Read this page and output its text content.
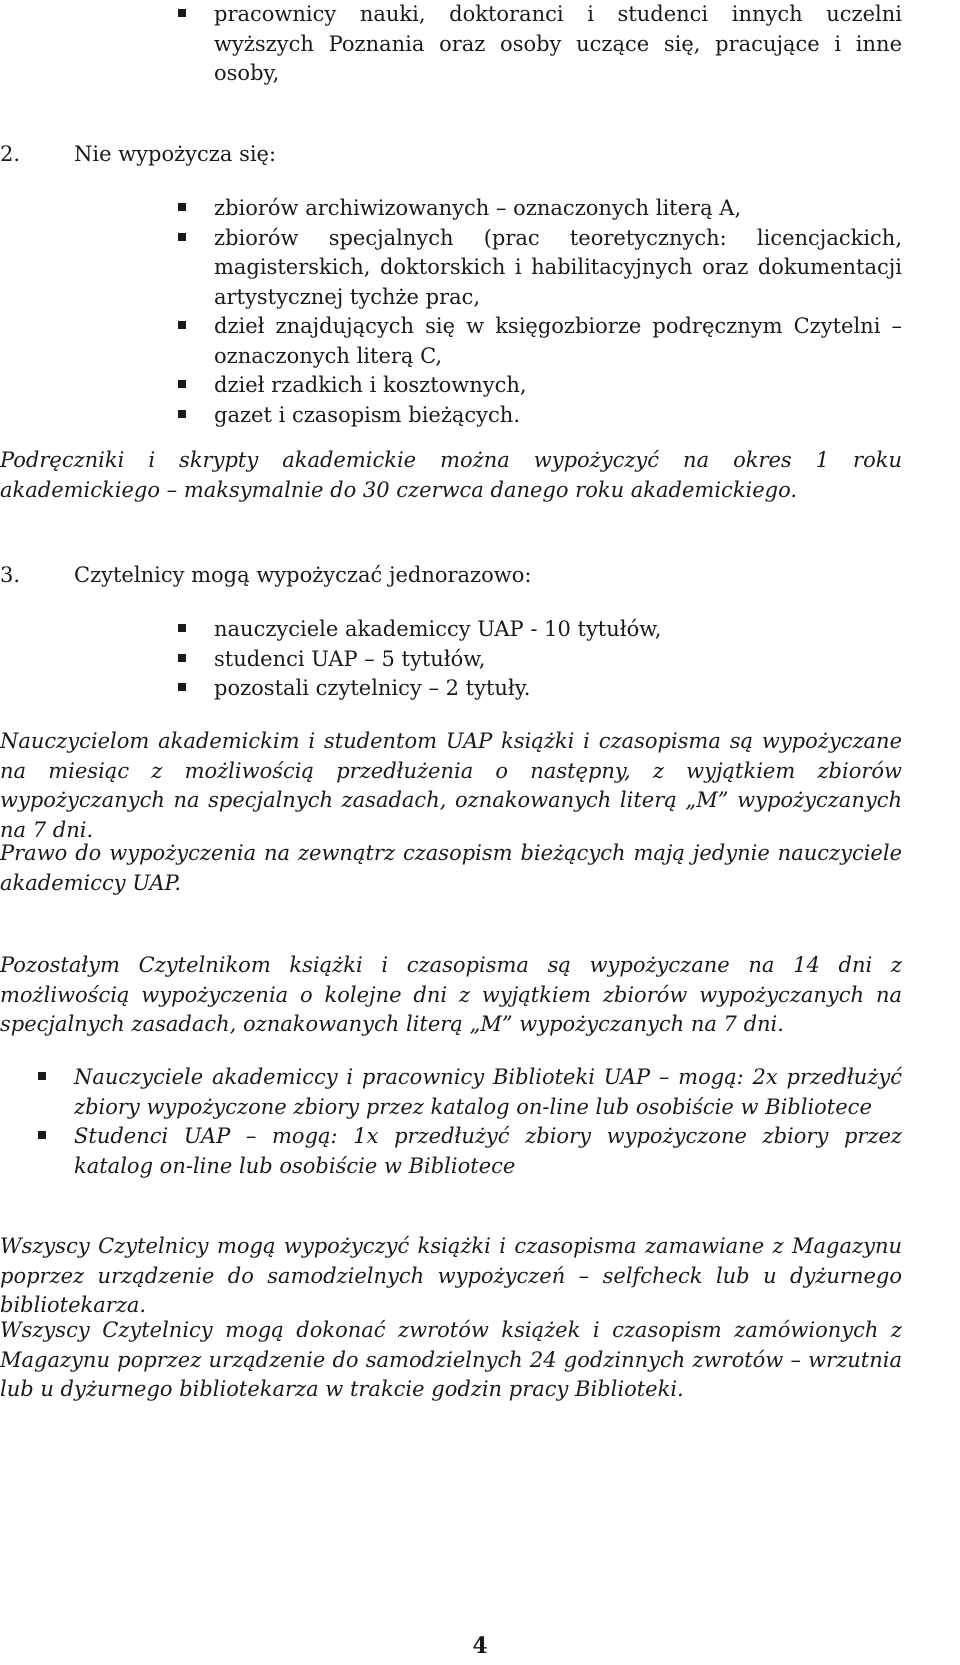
pracownicy nauki, doktoranci i studenci innych uczelni wyższych Poznania oraz osoby uczące się, pracujące i inne osoby,
2.	Nie wypożycza się:
zbiorów archiwizowanych – oznaczonych literą A,
zbiorów specjalnych (prac teoretycznych: licencjackich, magisterskich, doktorskich i habilitacyjnych oraz dokumentacji artystycznej tychże prac,
dzieł znajdujących się w księgozbiorze podręcznym Czytelni – oznaczonych literą C,
dzieł rzadkich i kosztownych,
gazet i czasopism bieżących.

Podręczniki i skrypty akademickie można wypożyczyć na okres 1 roku akademickiego – maksymalnie do 30 czerwca danego roku akademickiego.

3.	Czytelnicy mogą wypożyczać jednorazowo:
nauczyciele akademiccy UAP - 10 tytułów,
studenci UAP – 5 tytułów,
pozostali czytelnicy – 2 tytuły.

Nauczycielom akademickim i studentom UAP książki i czasopisma są wypożyczane na miesiąc z możliwością przedłużenia o następny, z wyjątkiem zbiorów wypożyczanych na specjalnych zasadach, oznakowanych literą „M” wypożyczanych na 7 dni.

Prawo do wypożyczenia na zewnątrz czasopism bieżących mają jedynie nauczyciele akademiccy UAP.

Pozostałym Czytelnikom książki i czasopisma są wypożyczane na 14 dni z możliwością wypożyczenia o kolejne dni z wyjątkiem zbiorów wypożyczanych na specjalnych zasadach, oznakowanych literą „M” wypożyczanych na 7 dni.

Nauczyciele akademiccy i pracownicy Biblioteki UAP – mogą: 2x przedłużyć zbiory wypożyczone zbiory przez katalog on-line lub osobiście w Bibliotece
Studenci UAP – mogą: 1x przedłużyć zbiory wypożyczone zbiory przez katalog on-line lub osobiście w Bibliotece

Wszyscy Czytelnicy mogą wypożyczyć książki i czasopisma zamawiane z Magazynu poprzez urządzenie do samodzielnych wypożyczeń – selfcheck lub u dyżurnego bibliotekarza.

Wszyscy Czytelnicy mogą dokonać zwrotów książek i czasopism zamówionych z Magazynu poprzez urządzenie do samodzielnych 24 godzinnych zwrotów – wrzutnia lub u dyżurnego bibliotekarza w trakcie godzin pracy Biblioteki.

4
